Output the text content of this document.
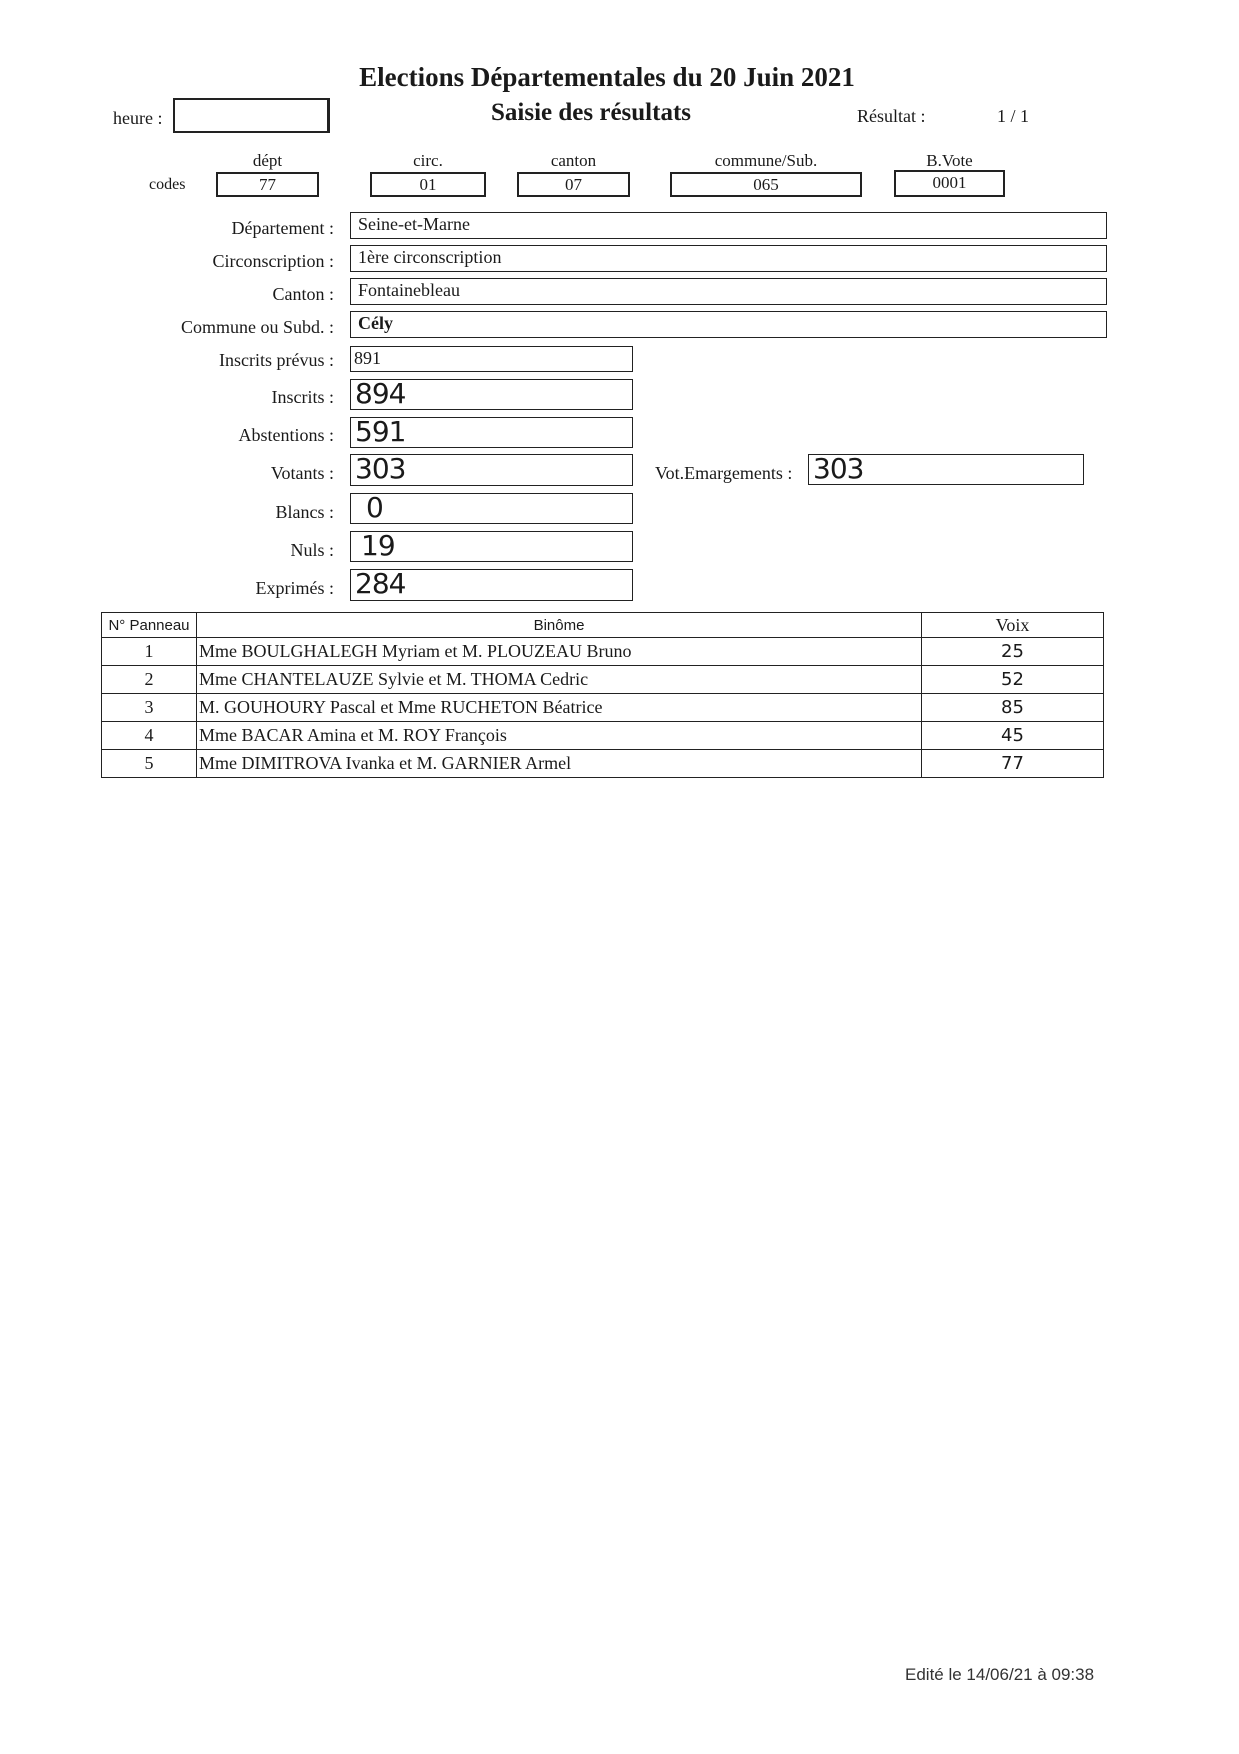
Elections Départementales du 20 Juin 2021
Saisie des résultats
heure :	Résultat :	1 / 1
dépt	circ.	canton	commune/Sub.	B.Vote
codes	77	01	07	065	0001
Département :	Seine-et-Marne
Circonscription :	1ère circonscription
Canton :	Fontainebleau
Commune ou Subd. :	Cély
Inscrits prévus : 891
Inscrits : 894
Abstentions : 591
Votants : 303	Vot.Emargements : 303
Blancs :	0
Nuls : 19
Exprimés : 284
N° Panneau	Binôme	Voix
1	Mme BOULGHALEGH Myriam et M. PLOUZEAU Bruno	25
2	Mme CHANTELAUZE Sylvie et M. THOMA Cedric	52
3	M. GOUHOURY Pascal et Mme RUCHETON Béatrice	85
4	Mme BACAR Amina et M. ROY François	45
5	Mme DIMITROVA Ivanka et M. GARNIER Armel	77
Edité le 14/06/21 à 09:38
